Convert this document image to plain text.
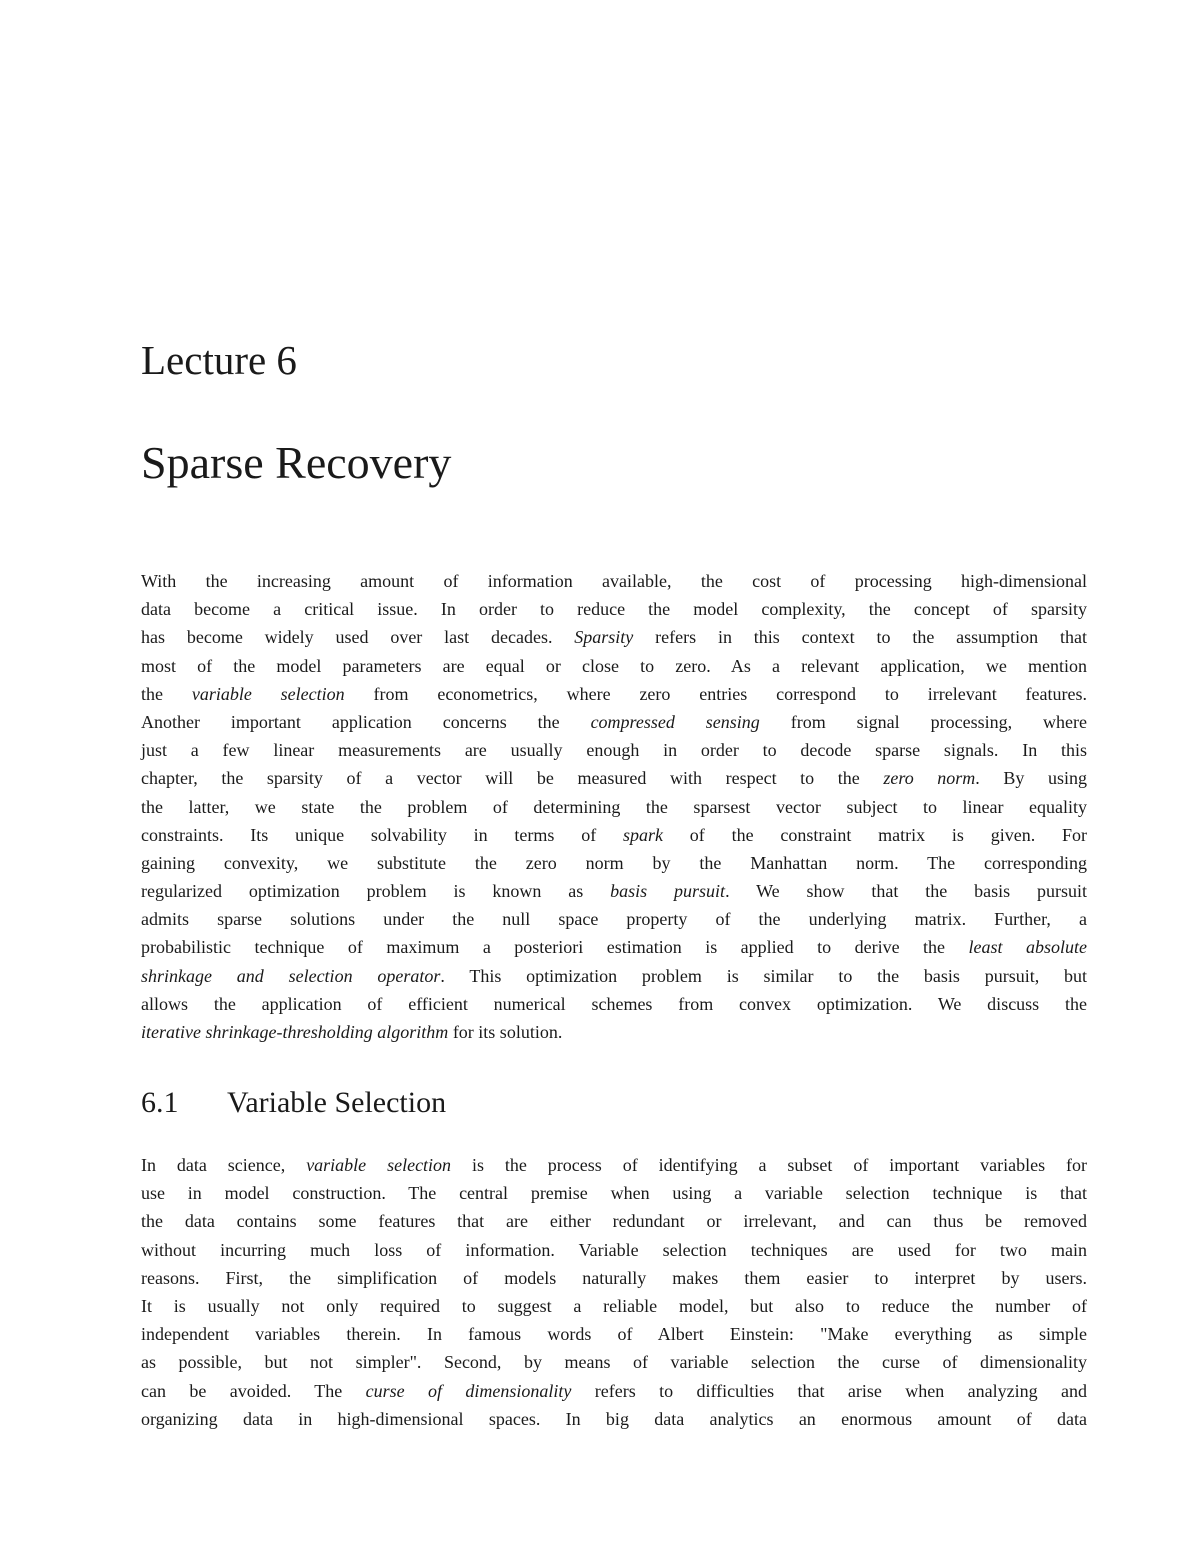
Lecture 6
Sparse Recovery
With the increasing amount of information available, the cost of processing high-dimensional
data become a critical issue. In order to reduce the model complexity, the concept of sparsity
has become widely used over last decades. Sparsity refers in this context to the assumption that
most of the model parameters are equal or close to zero. As a relevant application, we mention
the variable selection from econometrics, where zero entries correspond to irrelevant features.
Another important application concerns the compressed sensing from signal processing, where
just a few linear measurements are usually enough in order to decode sparse signals. In this
chapter, the sparsity of a vector will be measured with respect to the zero norm. By using
the latter, we state the problem of determining the sparsest vector subject to linear equality
constraints. Its unique solvability in terms of spark of the constraint matrix is given. For
gaining convexity, we substitute the zero norm by the Manhattan norm. The corresponding
regularized optimization problem is known as basis pursuit. We show that the basis pursuit
admits sparse solutions under the null space property of the underlying matrix. Further, a
probabilistic technique of maximum a posteriori estimation is applied to derive the least absolute
shrinkage and selection operator. This optimization problem is similar to the basis pursuit, but
allows the application of efficient numerical schemes from convex optimization. We discuss the
iterative shrinkage-thresholding algorithm for its solution.
6.1 Variable Selection
In data science, variable selection is the process of identifying a subset of important variables for
use in model construction. The central premise when using a variable selection technique is that
the data contains some features that are either redundant or irrelevant, and can thus be removed
without incurring much loss of information. Variable selection techniques are used for two main
reasons. First, the simplification of models naturally makes them easier to interpret by users.
It is usually not only required to suggest a reliable model, but also to reduce the number of
independent variables therein. In famous words of Albert Einstein: "Make everything as simple
as possible, but not simpler". Second, by means of variable selection the curse of dimensionality
can be avoided. The curse of dimensionality refers to difficulties that arise when analyzing and
organizing data in high-dimensional spaces. In big data analytics an enormous amount of data
